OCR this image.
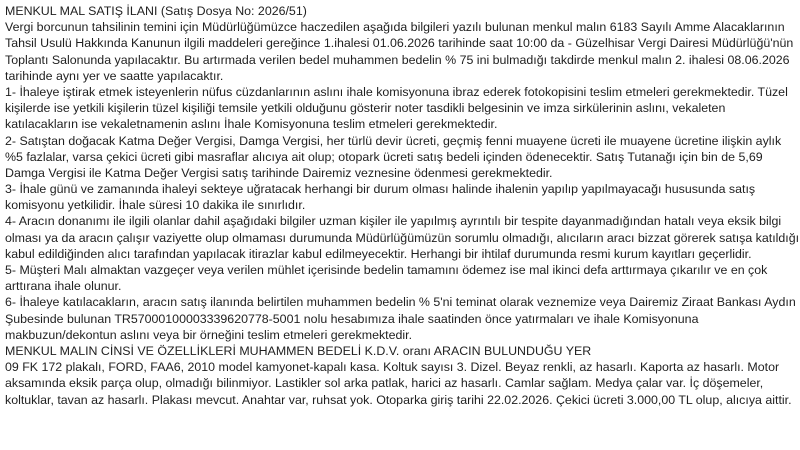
MENKUL MAL SATIŞ İLANI (Satış Dosya No: 2026/51)
Vergi borcunun tahsilinin temini için Müdürlüğümüzce haczedilen aşağıda bilgileri yazılı bulunan menkul malın 6183 Sayılı Amme Alacaklarının
Tahsil Usulü Hakkında Kanunun ilgili maddeleri gereğince 1.ihalesi 01.06.2026 tarihinde saat 10:00 da - Güzelhisar Vergi Dairesi Müdürlüğü'nün
Toplantı Salonunda yapılacaktır. Bu artırmada verilen bedel muhammen bedelin % 75 ini bulmadığı takdirde menkul malın 2. ihalesi 08.06.2026
tarihinde aynı yer ve saatte yapılacaktır.
1- İhaleye iştirak etmek isteyenlerin nüfus cüzdanlarının aslını ihale komisyonuna ibraz ederek fotokopisini teslim etmeleri gerekmektedir. Tüzel
kişilerde ise yetkili kişilerin tüzel kişiliği temsile yetkili olduğunu gösterir noter tasdikli belgesinin ve imza sirkülerinin aslını, vekaleten
katılacakların ise vekaletnamenin aslını İhale Komisyonuna teslim etmeleri gerekmektedir.
2- Satıştan doğacak Katma Değer Vergisi, Damga Vergisi, her türlü devir ücreti, geçmiş fenni muayene ücreti ile muayene ücretine ilişkin aylık
%5 fazlalar, varsa çekici ücreti gibi masraflar alıcıya ait olup; otopark ücreti satış bedeli içinden ödenecektir. Satış Tutanağı için bin de 5,69
Damga Vergisi ile Katma Değer Vergisi satış tarihinde Dairemiz veznesine ödenmesi gerekmektedir.
3- İhale günü ve zamanında ihaleyi sekteye uğratacak herhangi bir durum olması halinde ihalenin yapılıp yapılmayacağı hususunda satış
komisyonu yetkilidir. İhale süresi 10 dakika ile sınırlıdır.
4- Aracın donanımı ile ilgili olanlar dahil aşağıdaki bilgiler uzman kişiler ile yapılmış ayrıntılı bir tespite dayanmadığından hatalı veya eksik bilgi
olması ya da aracın çalışır vaziyette olup olmaması durumunda Müdürlüğümüzün sorumlu olmadığı, alıcıların aracı bizzat görerek satışa katıldığı
kabul edildiğinden alıcı tarafından yapılacak itirazlar kabul edilmeyecektir. Herhangi bir ihtilaf durumunda resmi kurum kayıtları geçerlidir.
5- Müşteri Malı almaktan vazgeçer veya verilen mühlet içerisinde bedelin tamamını ödemez ise mal ikinci defa arttırmaya çıkarılır ve en çok
arttırana ihale olunur.
6- İhaleye katılacakların, aracın satış ilanında belirtilen muhammen bedelin % 5'ni teminat olarak veznemize veya Dairemiz Ziraat Bankası Aydın
Şubesinde bulunan TR570001000033396207​78-5001 nolu hesabımıza ihale saatinden önce yatırmaları ve ihale Komisyonuna
makbuzun/dekontun aslını veya bir örneğini teslim etmeleri gerekmektedir.
MENKUL MALIN CİNSİ VE ÖZELLİKLERİ MUHAMMEN BEDELİ K.D.V. oranı ARACIN BULUNDUĞU YER
09 FK 172 plakalı, FORD, FAA6, 2010 model kamyonet-kapalı kasa. Koltuk sayısı 3. Dizel. Beyaz renkli, az hasarlı. Kaporta az hasarlı. Motor
aksamında eksik parça olup, olmadığı bilinmiyor. Lastikler sol arka patlak, harici az hasarlı. Camlar sağlam. Medya çalar var. İç döşemeler,
koltuklar, tavan az hasarlı. Plakası mevcut. Anahtar var, ruhsat yok. Otoparka giriş tarihi 22.02.2026. Çekici ücreti 3.000,00 TL olup, alıcıya aittir.
